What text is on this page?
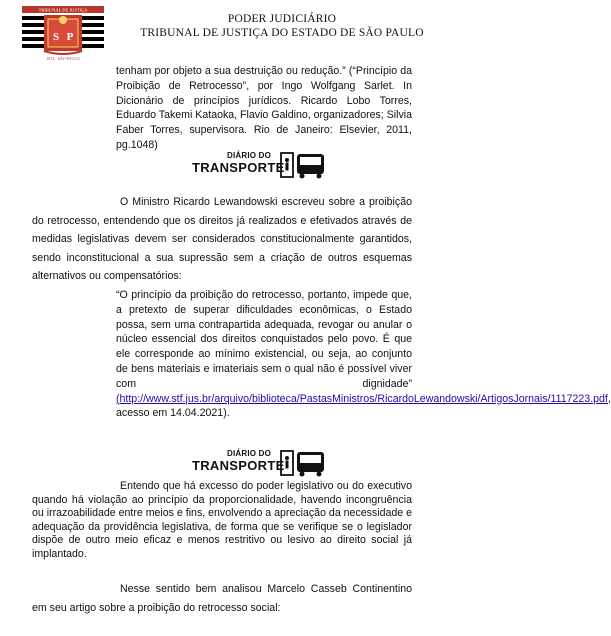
TRIBUNAL DE JUSTIÇA
S P
1874 · SÃO PAULO
PODER JUDICIÁRIO
TRIBUNAL DE JUSTIÇA DO ESTADO DE SÃO PAULO

tenham por objeto a sua destruição ou redução.” (“Princípio da Proibição de Retrocesso”, por Ingo Wolfgang Sarlet. In Dicionário de princípios jurídicos. Ricardo Lobo Torres, Eduardo Takemi Kataoka, Flavio Galdino, organizadores; Silvia Faber Torres, supervisora. Rio de Janeiro: Elsevier, 2011, pg.1048)

DIÁRIO DO
TRANSPORTE

O Ministro Ricardo Lewandowski escreveu sobre a proibição do retrocesso, entendendo que os direitos já realizados e efetivados através de medidas legislativas devem ser considerados constitucionalmente garantidos, sendo inconstitucional a sua supressão sem a criação de outros esquemas alternativos ou compensatórios:

“O princípio da proibição do retrocesso, portanto, impede que, a pretexto de superar dificuldades econômicas, o Estado possa, sem uma contrapartida adequada, revogar ou anular o núcleo essencial dos direitos conquistados pelo povo. É que ele corresponde ao mínimo existencial, ou seja, ao conjunto de bens materiais e imateriais sem o qual não é possível viver com dignidade” (http://www.stf.jus.br/arquivo/biblioteca/PastasMinistros/RicardoLewandowski/ArtigosJornais/1117223.pdf, acesso em 14.04.2021).
DIÁRIO DO
TRANSPORTE

Entendo que há excesso do poder legislativo ou do executivo quando há violação ao princípio da proporcionalidade, havendo incongruência ou irrazoabilidade entre meios e fins, envolvendo a apreciação da necessidade e adequação da providência legislativa, de forma que se verifique se o legislador dispõe de outro meio eficaz e menos restritivo ou lesivo ao direito social já implantado.

Nesse sentido bem analisou Marcelo Casseb Continentino em seu artigo sobre a proibição do retrocesso social:
